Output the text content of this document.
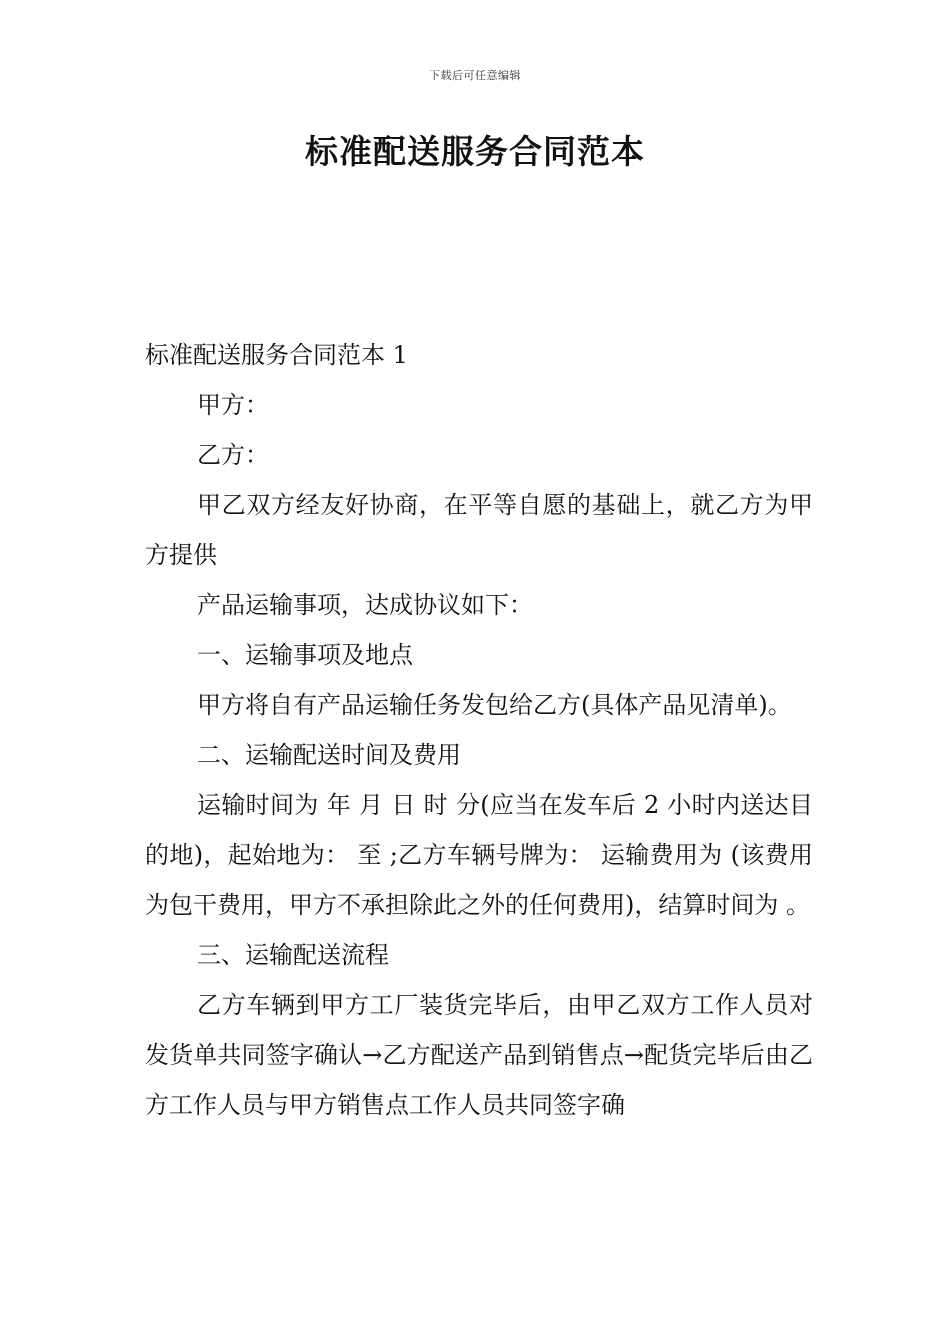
下载后可任意编辑
标准配送服务合同范本

标准配送服务合同范本 1

甲方：

乙方：

甲乙双方经友好协商，在平等自愿的基础上，就乙方为甲方提供

产品运输事项，达成协议如下：

一、运输事项及地点

甲方将自有产品运输任务发包给乙方(具体产品见清单)。

二、运输配送时间及费用

运输时间为 年 月 日 时 分(应当在发车后 2 小时内送达目的地)，起始地为： 至 ;乙方车辆号牌为： 运输费用为 (该费用为包干费用，甲方不承担除此之外的任何费用)，结算时间为 。

三、运输配送流程

乙方车辆到甲方工厂装货完毕后，由甲乙双方工作人员对发货单共同签字确认→乙方配送产品到销售点→配货完毕后由乙方工作人员与甲方销售点工作人员共同签字确
